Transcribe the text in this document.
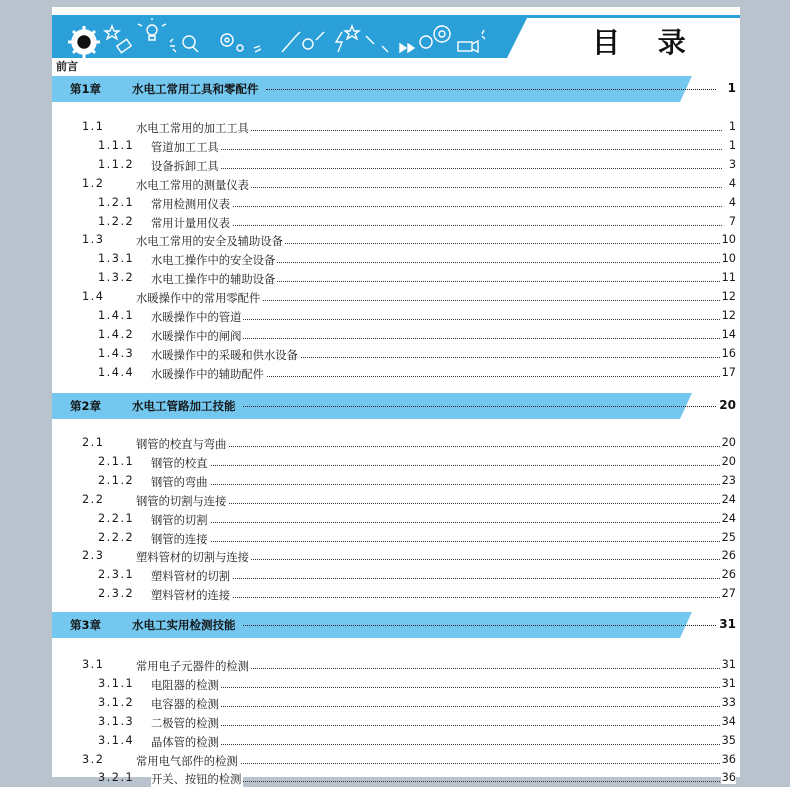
目 录
前言
第1章	水电工常用工具和零配件	1
1.1	水电工常用的加工工具	1
1.1.1 管道加工工具	1
1.1.2 设备拆卸工具	3
1.2	水电工常用的测量仪表	4
1.2.1 常用检测用仪表	4
1.2.2 常用计量用仪表	7
1.3	水电工常用的安全及辅助设备	10
1.3.1 水电工操作中的安全设备	10
1.3.2 水电工操作中的辅助设备	11
1.4	水暖操作中的常用零配件	12
1.4.1 水暖操作中的管道	12
1.4.2 水暖操作中的闸阀	14
1.4.3 水暖操作中的采暖和供水设备	16
1.4.4 水暖操作中的辅助配件	17
第2章	水电工管路加工技能	20
2.1	钢管的校直与弯曲	20
2.1.1 钢管的校直	20
2.1.2 钢管的弯曲	23
2.2	钢管的切割与连接	24
2.2.1 钢管的切割	24
2.2.2 钢管的连接	25
2.3	塑料管材的切割与连接	26
2.3.1 塑料管材的切割	26
2.3.2 塑料管材的连接	27
第3章	水电工实用检测技能	31
3.1	常用电子元器件的检测	31
3.1.1 电阻器的检测	31
3.1.2 电容器的检测	33
3.1.3 二极管的检测	34
3.1.4 晶体管的检测	35
3.2	常用电气部件的检测	36
3.2.1 开关、按钮的检测	36
